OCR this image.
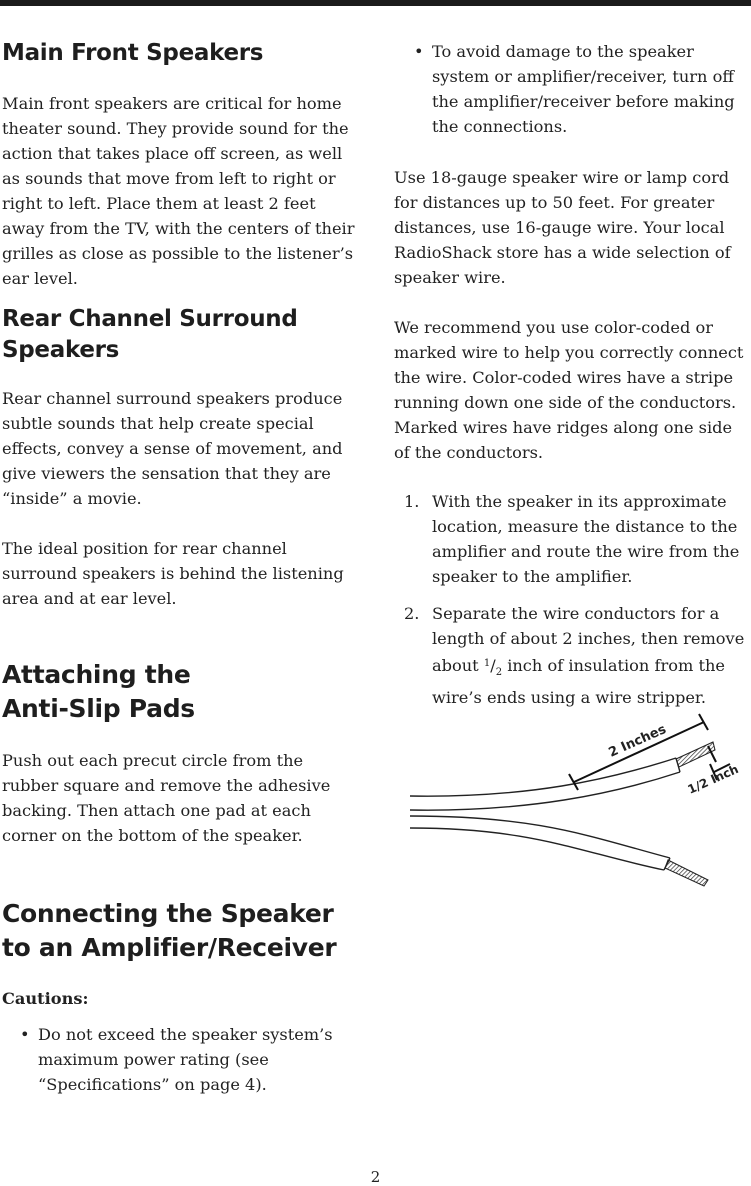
Main Front Speakers

Main front speakers are critical for home theater sound. They provide sound for the action that takes place off screen, as well as sounds that move from left to right or right to left. Place them at least 2 feet away from the TV, with the centers of their grilles as close as possible to the listener’s ear level.

Rear Channel Surround
Speakers

Rear channel surround speakers produce subtle sounds that help create special effects, convey a sense of movement, and give viewers the sensation that they are “inside” a movie.

The ideal position for rear channel surround speakers is behind the listening area and at ear level.

Attaching the
Anti-Slip Pads

Push out each precut circle from the rubber square and remove the adhesive backing. Then attach one pad at each corner on the bottom of the speaker.

Connecting the Speaker
to an Amplifier/Receiver
Cautions:
• Do not exceed the speaker system’s maximum power rating (see “Specifications” on page 4).
• To avoid damage to the speaker system or amplifier/receiver, turn off the amplifier/receiver before making the connections.

Use 18-gauge speaker wire or lamp cord for distances up to 50 feet. For greater distances, use 16-gauge wire. Your local RadioShack store has a wide selection of speaker wire.

We recommend you use color-coded or marked wire to help you correctly connect the wire. Color-coded wires have a stripe running down one side of the conductors. Marked wires have ridges along one side of the conductors.

1. With the speaker in its approximate location, measure the distance to the amplifier and route the wire from the speaker to the amplifier.
2. Separate the wire conductors for a length of about 2 inches, then remove about $^1/_2$ inch of insulation from the wire’s ends using a wire stripper.
2 Inches
1/2 Inch
2
